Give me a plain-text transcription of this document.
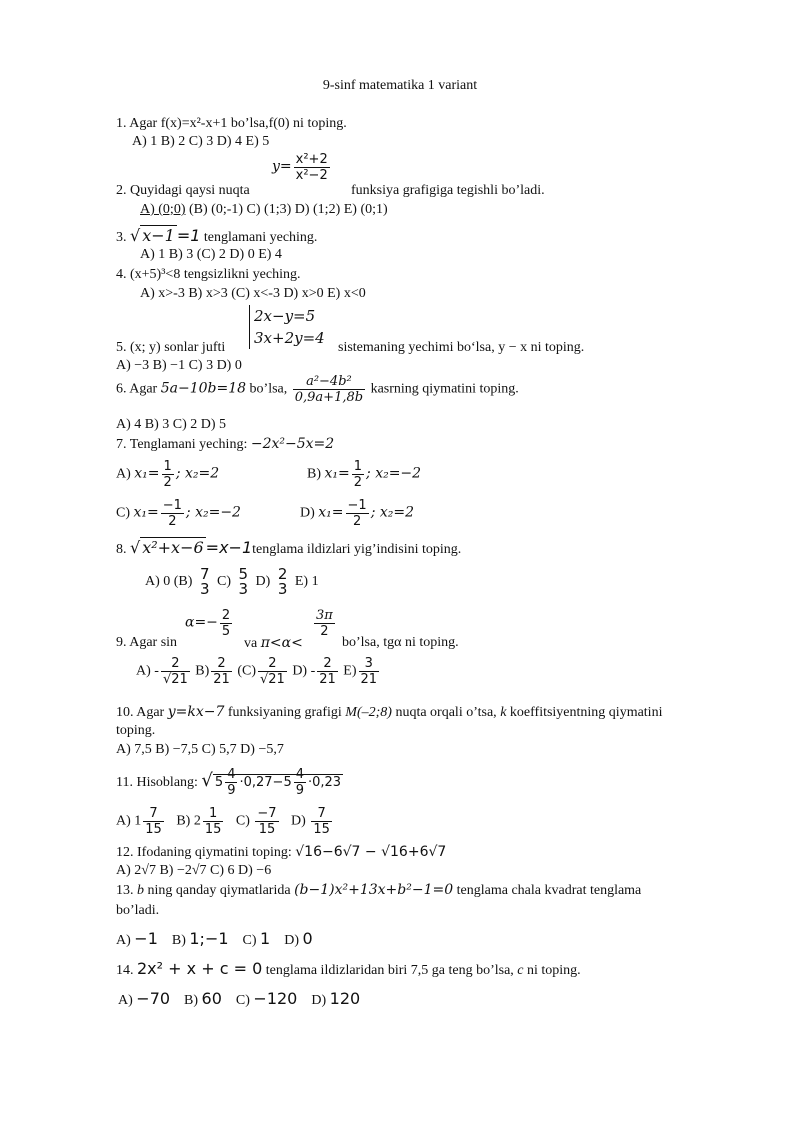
9-sinf matematika 1 variant
1. Agar f(x)=x²-x+1 bo’lsa,f(0) ni toping.
A) 1 B) 2 C) 3 D) 4 E) 5
$y= \frac{\text{x²+2}}{\text{x²−2}}$
2. Quyidagi qaysi nuqta	funksiya grafigiga tegishli bo’ladi.
A) (0;0) (B) (0;-1) C) (1;3) D) (1;2) E) (0;1)
3. √ x−1 =1 tenglamani yeching.
A) 1 B) 3 (C) 2 D) 0 E) 4
4. (x+5)³<8 tengsizlikni yeching.
A) x>-3 B) x>3 (C) x<-3 D) x>0 E) x<0
2x−y=5
3x+2y=4
5. (x; y) sonlar jufti	sistemaning yechimi bo‘lsa, y − x ni toping.
A) −3 B) −1 C) 3 D) 0
6. Agar 5a−10b=18 bo’lsa, $\frac{\text{a²−4b²}}{0,9a+1,8b}$ kasrning qiymatini toping.
A) 4 B) 3 C) 2 D) 5
7. Tenglamani yeching: −2x²−5x=2
A) $x_1= \frac{1}{2}$ ; x₂=2	B) $x_1= \frac{1}{2}$ ; x₂=−2
C) $x_1= \frac{-1}{2}$ ; x₂=−2	D) $x_1= \frac{-1}{2}$ ; x₂=2
8. √ x²+x−6 =x−1tenglama ildizlari yig’indisini toping.
A) 0 (B) 7
3 C) 5
3 D) 2
3 E) 1
$\alpha=- \frac{2}{5}$	$\frac{3\pi}{2}$
9. Agar sin	va π<α<	bo’lsa, tgα ni toping.
$A) - \frac{2}{√21} B) \frac{2}{21} (C) \frac{2}{√21} D) - \frac{2}{21} E) \frac{3}{21}$
10. Agar y=kx−7 funksiyaning grafigi M(–2;8) nuqta orqali o’tsa, k koeffitsiyentning qiymatini
toping.
A) 7,5 B) −7,5 C) 5,7 D) −5,7
11. Hisoblang: √ $5 \frac{4}{9} \cdot 0,27-5 \frac{4}{9} \cdot 0,23$
A) $1 \frac{7}{15} B$) $2 \frac{1}{15} C) \frac{-7}{15} D) \frac{7}{15}$
12. Ifodaning qiymatini toping: √16−6√7 − √16+6√7
A) 2√7 B) −2√7 C) 6 D) −6
13. b ning qanday qiymatlarida (b−1)x²+13x+b²−1=0 tenglama chala kvadrat tenglama
bo’ladi.
A) −1 B) 1;−1 C) 1 D) 0
14. 2x² + x + c = 0 tenglama ildizlaridan biri 7,5 ga teng bo’lsa, c ni toping.
A) −70 B) 60 C) −120 D) 120
